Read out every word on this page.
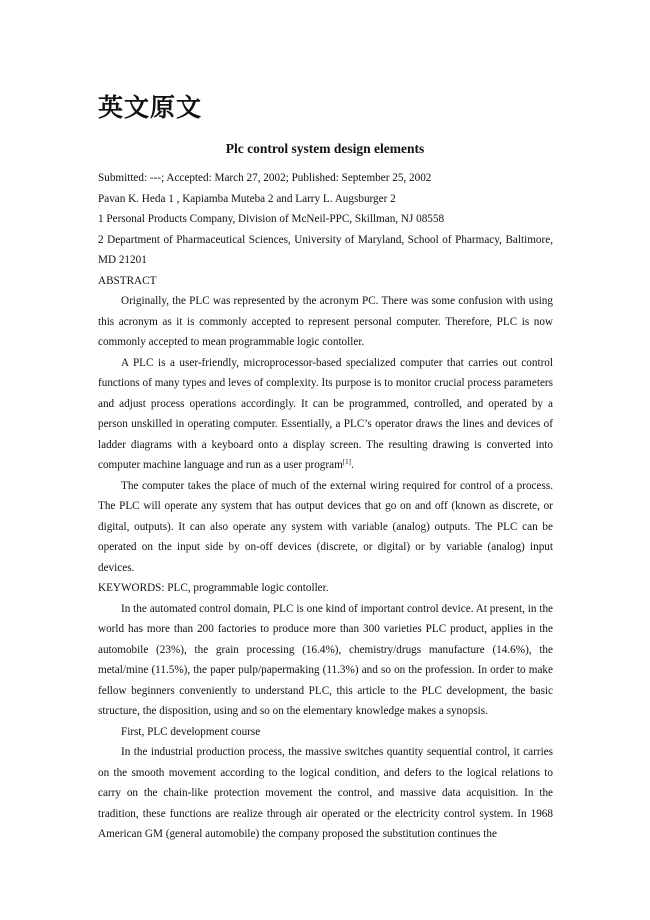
英文原文
Plc control system design elements

Submitted: ---; Accepted: March 27, 2002; Published: September 25, 2002

Pavan K. Heda 1 , Kapiamba Muteba 2 and Larry L. Augsburger 2

1 Personal Products Company, Division of McNeil-PPC, Skillman, NJ 08558

2 Department of Pharmaceutical Sciences, University of Maryland, School of Pharmacy, Baltimore, MD 21201

ABSTRACT

Originally, the PLC was represented by the acronym PC. There was some confusion with using this acronym as it is commonly accepted to represent personal computer. Therefore, PLC is now commonly accepted to mean programmable logic contoller.

A PLC is a user-friendly, microprocessor-based specialized computer that carries out control functions of many types and leves of complexity. Its purpose is to monitor crucial process parameters and adjust process operations accordingly. It can be programmed, controlled, and operated by a person unskilled in operating computer. Essentially, a PLC’s operator draws the lines and devices of ladder diagrams with a keyboard onto a display screen. The resulting drawing is converted into computer machine language and run as a user program[1].

The computer takes the place of much of the external wiring required for control of a process. The PLC will operate any system that has output devices that go on and off (known as discrete, or digital, outputs). It can also operate any system with variable (analog) outputs. The PLC can be operated on the input side by on-off devices (discrete, or digital) or by variable (analog) input devices.

KEYWORDS: PLC, programmable logic contoller.

In the automated control domain, PLC is one kind of important control device. At present, in the world has more than 200 factories to produce more than 300 varieties PLC product, applies in the automobile (23%), the grain processing (16.4%), chemistry/drugs manufacture (14.6%), the metal/mine (11.5%), the paper pulp/papermaking (11.3%) and so on the profession. In order to make fellow beginners conveniently to understand PLC, this article to the PLC development, the basic structure, the disposition, using and so on the elementary knowledge makes a synopsis.

First, PLC development course

In the industrial production process, the massive switches quantity sequential control, it carries on the smooth movement according to the logical condition, and defers to the logical relations to carry on the chain-like protection movement the control, and massive data acquisition. In the tradition, these functions are realize through air operated or the electricity control system. In 1968 American GM (general automobile) the company proposed the substitution continues the
